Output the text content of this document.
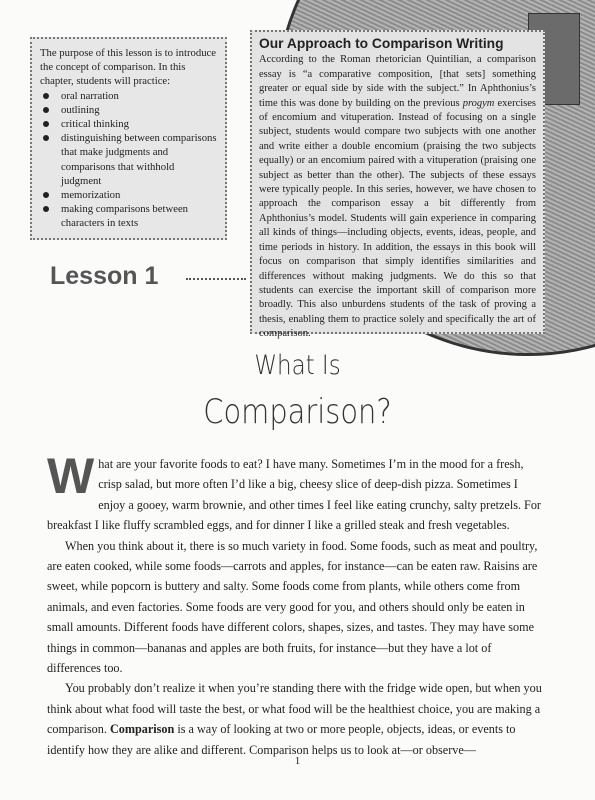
The purpose of this lesson is to introduce the concept of comparison. In this chapter, students will practice:

oral narration
outlining
critical thinking
distinguishing between comparisons that make judgments and comparisons that withhold judgment
memorization
making comparisons between characters in texts
Our Approach to Comparison Writing

According to the Roman rhetorician Quintilian, a comparison essay is “a comparative composition, [that sets] something greater or equal side by side with the subject.” In Aphthonius’s time this was done by building on the previous progym exercises of encomium and vituperation. Instead of focusing on a single subject, students would compare two subjects with one another and write either a double encomium (praising the two subjects equally) or an encomium paired with a vituperation (praising one subject as better than the other). The subjects of these essays were typically people. In this series, however, we have chosen to approach the comparison essay a bit differently from Aphthonius’s model. Students will gain experience in comparing all kinds of things—including objects, events, ideas, people, and time periods in history. In addition, the essays in this book will focus on comparison that simply identifies similarities and differences without making judgments. We do this so that students can exercise the important skill of comparison more broadly. This also unburdens students of the task of proving a thesis, enabling them to practice solely and specifically the art of comparison.

Lesson 1
What Is
Comparison?

What are your favorite foods to eat? I have many. Sometimes I’m in the mood for a fresh, crisp salad, but more often I’d like a big, cheesy slice of deep-dish pizza. Sometimes I enjoy a gooey, warm brownie, and other times I feel like eating crunchy, salty pretzels. For breakfast I like fluffy scrambled eggs, and for dinner I like a grilled steak and fresh vegetables.

When you think about it, there is so much variety in food. Some foods, such as meat and poultry, are eaten cooked, while some foods—carrots and apples, for instance—can be eaten raw. Raisins are sweet, while popcorn is buttery and salty. Some foods come from plants, while others come from animals, and even factories. Some foods are very good for you, and others should only be eaten in small amounts. Different foods have different colors, shapes, sizes, and tastes. They may have some things in common—bananas and apples are both fruits, for instance—but they have a lot of differences too.

You probably don’t realize it when you’re standing there with the fridge wide open, but when you think about what food will taste the best, or what food will be the healthiest choice, you are making a comparison. Comparison is a way of looking at two or more people, objects, ideas, or events to identify how they are alike and different. Comparison helps us to look at—or observe—

1
